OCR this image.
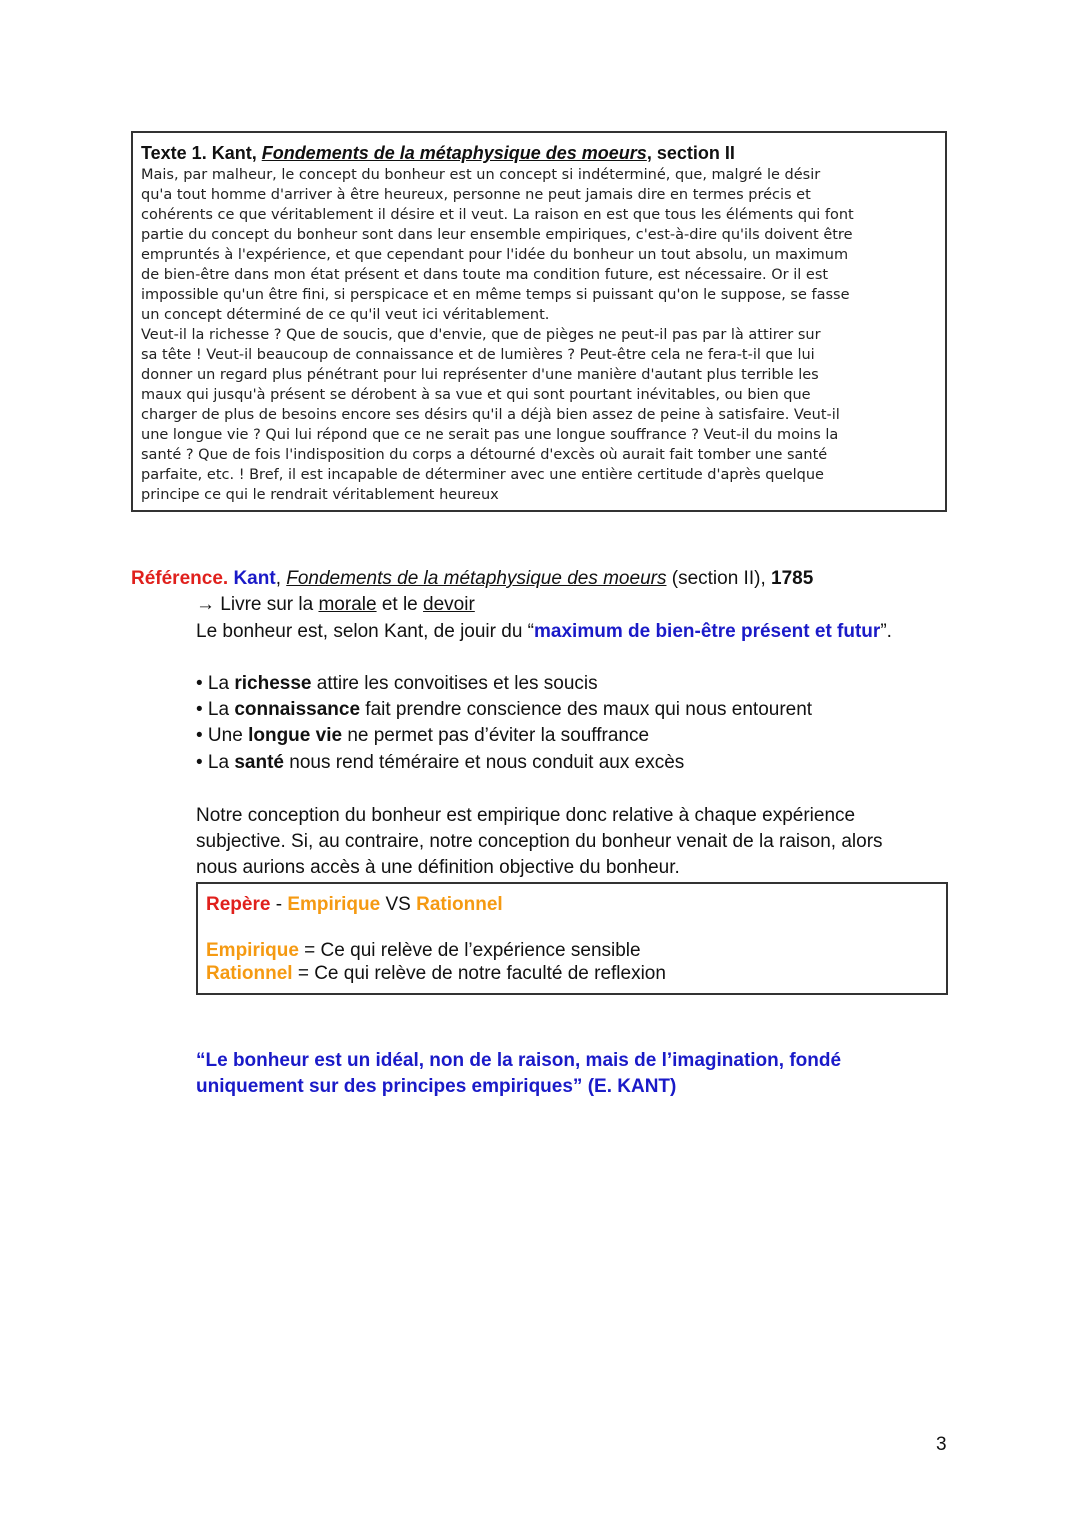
Texte 1. Kant, Fondements de la métaphysique des moeurs, section II
Mais, par malheur, le concept du bonheur est un concept si indéterminé, que, malgré le désir
qu'a tout homme d'arriver à être heureux, personne ne peut jamais dire en termes précis et
cohérents ce que véritablement il désire et il veut. La raison en est que tous les éléments qui font
partie du concept du bonheur sont dans leur ensemble empiriques, c'est-à-dire qu'ils doivent être
empruntés à l'expérience, et que cependant pour l'idée du bonheur un tout absolu, un maximum
de bien-être dans mon état présent et dans toute ma condition future, est nécessaire. Or il est
impossible qu'un être fini, si perspicace et en même temps si puissant qu'on le suppose, se fasse
un concept déterminé de ce qu'il veut ici véritablement.
Veut-il la richesse ? Que de soucis, que d'envie, que de pièges ne peut-il pas par là attirer sur
sa tête ! Veut-il beaucoup de connaissance et de lumières ? Peut-être cela ne fera-t-il que lui
donner un regard plus pénétrant pour lui représenter d'une manière d'autant plus terrible les
maux qui jusqu'à présent se dérobent à sa vue et qui sont pourtant inévitables, ou bien que
charger de plus de besoins encore ses désirs qu'il a déjà bien assez de peine à satisfaire. Veut-il
une longue vie ? Qui lui répond que ce ne serait pas une longue souffrance ? Veut-il du moins la
santé ? Que de fois l'indisposition du corps a détourné d'excès où aurait fait tomber une santé
parfaite, etc. ! Bref, il est incapable de déterminer avec une entière certitude d'après quelque
principe ce qui le rendrait véritablement heureux
Référence. Kant, Fondements de la métaphysique des moeurs (section II), 1785
→ Livre sur la morale et le devoir
Le bonheur est, selon Kant, de jouir du “maximum de bien-être présent et futur”.
• La richesse attire les convoitises et les soucis
• La connaissance fait prendre conscience des maux qui nous entourent
• Une longue vie ne permet pas d’éviter la souffrance
• La santé nous rend téméraire et nous conduit aux excès
Notre conception du bonheur est empirique donc relative à chaque expérience
subjective. Si, au contraire, notre conception du bonheur venait de la raison, alors
nous aurions accès à une définition objective du bonheur.
Repère - Empirique VS Rationnel
Empirique = Ce qui relève de l’expérience sensible
Rationnel = Ce qui relève de notre faculté de reflexion
“Le bonheur est un idéal, non de la raison, mais de l’imagination, fondé
uniquement sur des principes empiriques” (E. KANT)
3
